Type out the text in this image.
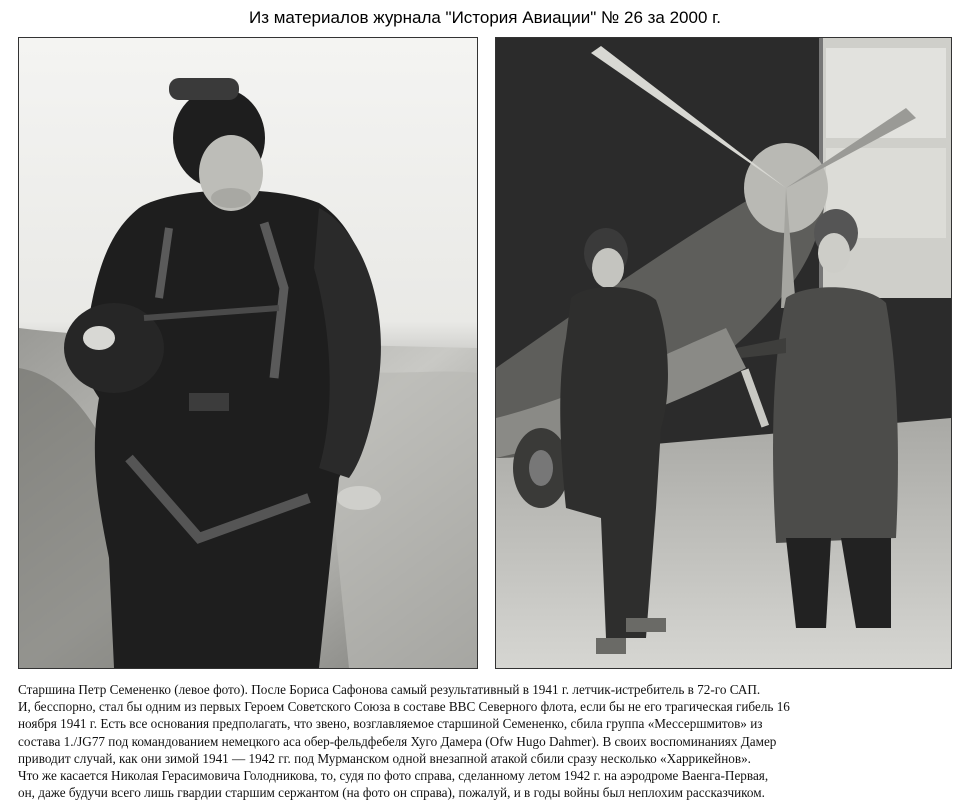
Из материалов журнала "История Авиации" № 26 за 2000 г.

Старшина Петр Семененко (левое фото). После Бориса Сафонова самый результативный в 1941 г. летчик-истребитель в 72-го САП.

И, бесспорно, стал бы одним из первых Героем Советского Союза в составе ВВС Северного флота, если бы не его трагическая гибель 16

ноября 1941 г. Есть все основания предполагать, что звено, возглавляемое старшиной Семененко, сбила группа «Мессершмитов» из

состава 1./JG77 под командованием немецкого аса обер-фельдфебеля Хуго Дамера (Ofw Hugo Dahmer). В своих воспоминаниях Дамер

приводит случай, как они зимой 1941 — 1942 гг. под Мурманском одной внезапной атакой сбили сразу несколько «Харрикейнов».

Что же касается Николая Герасимовича Голодникова, то, судя по фото справа, сделанному летом 1942 г. на аэродроме Ваенга-Первая,

он, даже будучи всего лишь гвардии старшим сержантом (на фото он справа), пожалуй, и в годы войны был неплохим рассказчиком.
